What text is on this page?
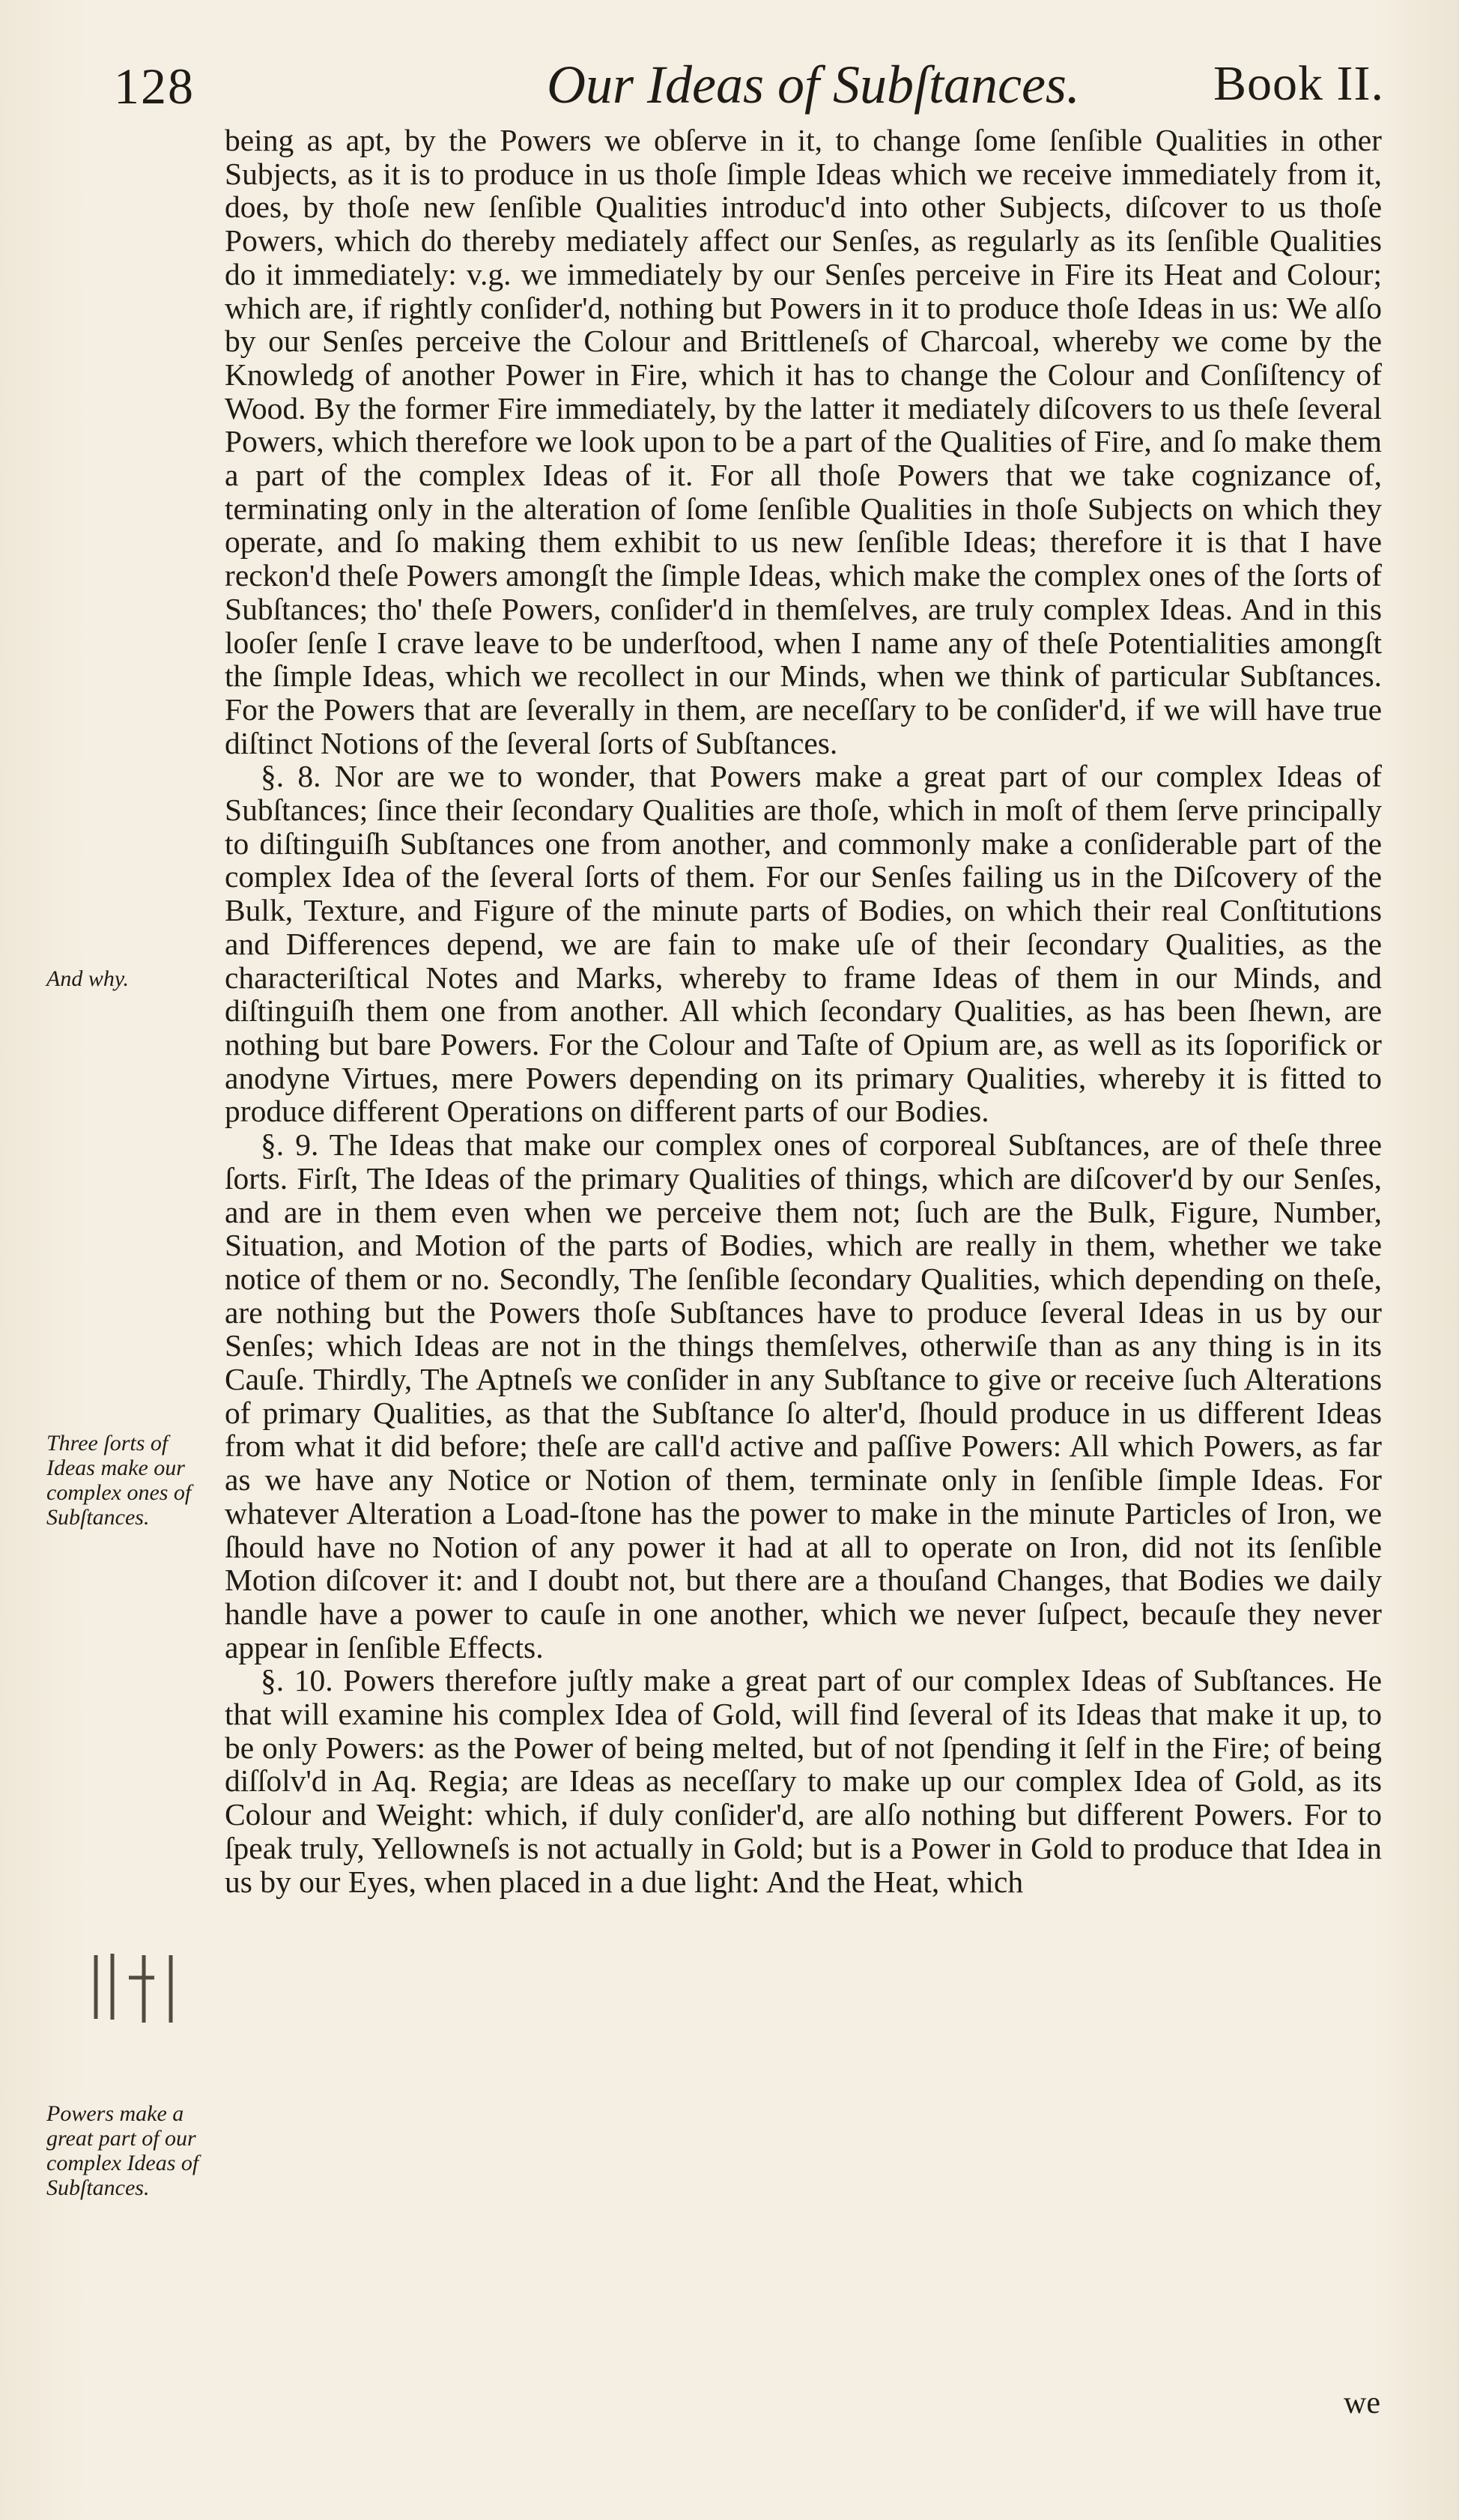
128	Our Ideas of Subſtances.	Book II.

being as apt, by the Powers we obſerve in it, to change ſome ſenſible Qualities in other Subjects, as it is to produce in us thoſe ſimple Ideas which we receive immediately from it, does, by thoſe new ſenſible Qualities introduc'd into other Subjects, diſcover to us thoſe Powers, which do thereby mediately affect our Senſes, as regularly as its ſenſible Qualities do it immediately: v.g. we immediately by our Senſes perceive in Fire its Heat and Colour; which are, if rightly conſider'd, nothing but Powers in it to produce thoſe Ideas in us: We alſo by our Senſes perceive the Colour and Brittleneſs of Charcoal, whereby we come by the Knowledg of another Power in Fire, which it has to change the Colour and Conſiſtency of Wood. By the former Fire immediately, by the latter it mediately diſcovers to us theſe ſeveral Powers, which therefore we look upon to be a part of the Qualities of Fire, and ſo make them a part of the complex Ideas of it. For all thoſe Powers that we take cognizance of, terminating only in the alteration of ſome ſenſible Qualities in thoſe Subjects on which they operate, and ſo making them exhibit to us new ſenſible Ideas; therefore it is that I have reckon'd theſe Powers amongſt the ſimple Ideas, which make the complex ones of the ſorts of Subſtances; tho' theſe Powers, conſider'd in themſelves, are truly complex Ideas. And in this looſer ſenſe I crave leave to be underſtood, when I name any of theſe Potentialities amongſt the ſimple Ideas, which we recollect in our Minds, when we think of particular Subſtances. For the Powers that are ſeverally in them, are neceſſary to be conſider'd, if we will have true diſtinct Notions of the ſeveral ſorts of Subſtances.

§. 8. Nor are we to wonder, that Powers make a great part of our complex Ideas of Subſtances; ſince their ſecondary Qualities are thoſe, which in moſt of them ſerve principally to diſtinguiſh Subſtances one from another, and commonly make a conſiderable part of the complex Idea of the ſeveral ſorts of them. For our Senſes failing us in the Diſcovery of the Bulk, Texture, and Figure of the minute parts of Bodies, on which their real Conſtitutions and Differences depend, we are fain to make uſe of their ſecondary Qualities, as the characteriſtical Notes and Marks, whereby to frame Ideas of them in our Minds, and diſtinguiſh them one from another. All which ſecondary Qualities, as has been ſhewn, are nothing but bare Powers. For the Colour and Taſte of Opium are, as well as its ſoporifick or anodyne Virtues, mere Powers depending on its primary Qualities, whereby it is fitted to produce different Operations on different parts of our Bodies.

§. 9. The Ideas that make our complex ones of corporeal Subſtances, are of theſe three ſorts. Firſt, The Ideas of the primary Qualities of things, which are diſcover'd by our Senſes, and are in them even when we perceive them not; ſuch are the Bulk, Figure, Number, Situation, and Motion of the parts of Bodies, which are really in them, whether we take notice of them or no. Secondly, The ſenſible ſecondary Qualities, which depending on theſe, are nothing but the Powers thoſe Subſtances have to produce ſeveral Ideas in us by our Senſes; which Ideas are not in the things themſelves, otherwiſe than as any thing is in its Cauſe. Thirdly, The Aptneſs we conſider in any Subſtance to give or receive ſuch Alterations of primary Qualities, as that the Subſtance ſo alter'd, ſhould produce in us different Ideas from what it did before; theſe are call'd active and paſſive Powers: All which Powers, as far as we have any Notice or Notion of them, terminate only in ſenſible ſimple Ideas. For whatever Alteration a Load-ſtone has the power to make in the minute Particles of Iron, we ſhould have no Notion of any power it had at all to operate on Iron, did not its ſenſible Motion diſcover it: and I doubt not, but there are a thouſand Changes, that Bodies we daily handle have a power to cauſe in one another, which we never ſuſpect, becauſe they never appear in ſenſible Effects.

§. 10. Powers therefore juſtly make a great part of our complex Ideas of Subſtances. He that will examine his complex Idea of Gold, will find ſeveral of its Ideas that make it up, to be only Powers: as the Power of being melted, but of not ſpending it ſelf in the Fire; of being diſſolv'd in Aq. Regia; are Ideas as neceſſary to make up our complex Idea of Gold, as its Colour and Weight: which, if duly conſider'd, are alſo nothing but different Powers. For to ſpeak truly, Yellowneſs is not actually in Gold; but is a Power in Gold to produce that Idea in us by our Eyes, when placed in a due light: And the Heat, which

And why.
Three ſorts of Ideas make our complex ones of Subſtances.
Powers make a great part of our complex Ideas of Subſtances.
we
